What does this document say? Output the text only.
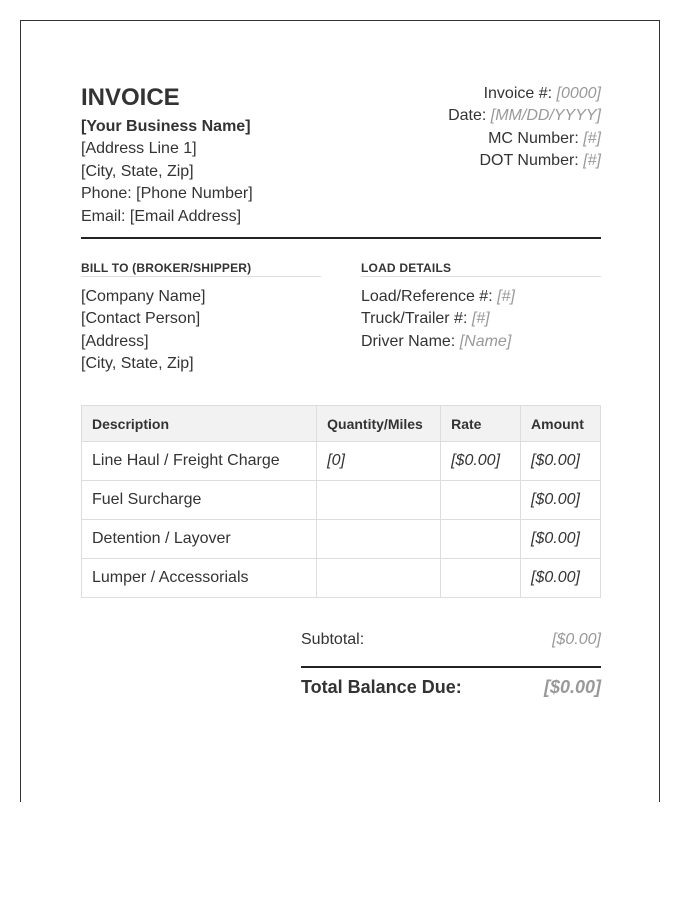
INVOICE
[Your Business Name]
[Address Line 1]
[City, State, Zip]
Phone: [Phone Number]
Email: [Email Address]
Invoice #: [0000]
Date: [MM/DD/YYYY]
MC Number: [#]
DOT Number: [#]
BILL TO (BROKER/SHIPPER)
[Company Name]
[Contact Person]
[Address]
[City, State, Zip]
LOAD DETAILS
Load/Reference #: [#]
Truck/Trailer #: [#]
Driver Name: [Name]
Description	Quantity/Miles	Rate	Amount
Line Haul / Freight Charge	[0]	[$0.00]	[$0.00]
Fuel Surcharge			[$0.00]
Detention / Layover			[$0.00]
Lumper / Accessorials			[$0.00]
Subtotal:	[$0.00]
Total Balance Due:	[$0.00]
